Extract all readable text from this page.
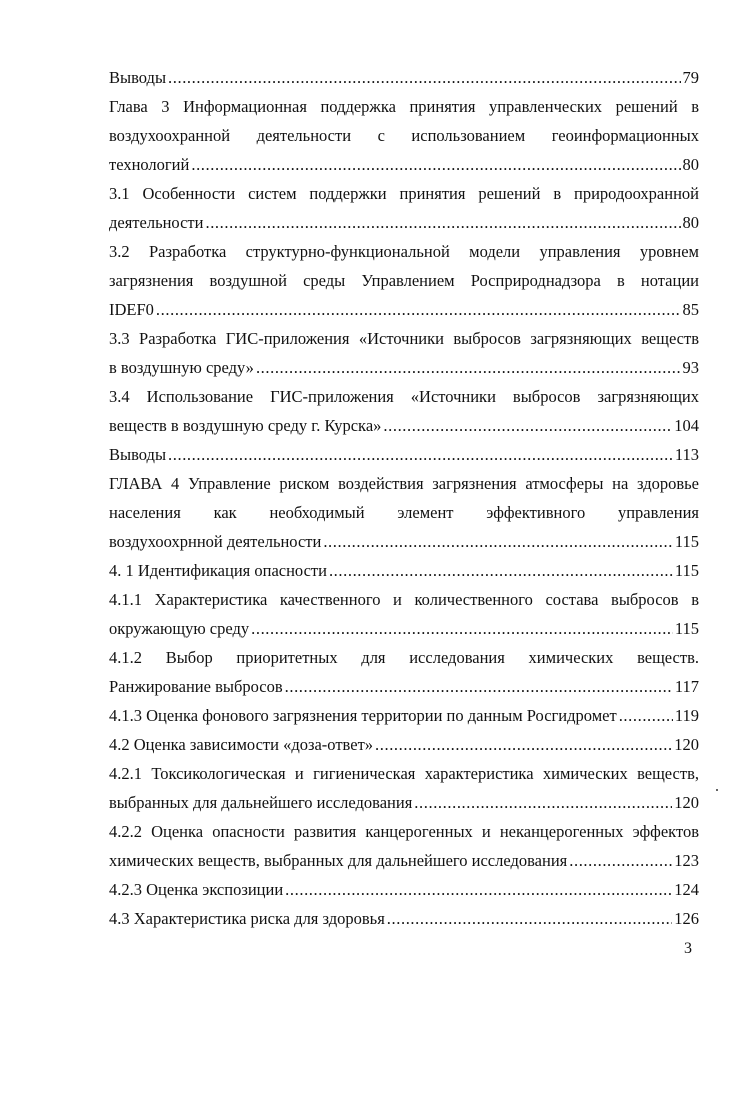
Выводы .....	79
Глава 3 Информационная поддержка принятия управленческих решений в
воздухоохранной деятельности с использованием геоинформационных
технологий .....	80
3.1 Особенности систем поддержки принятия решений в природоохранной
деятельности .....	80
3.2 Разработка структурно-функциональной модели управления уровнем
загрязнения воздушной среды Управлением Росприроднадзора в нотации
IDEF0 .....	85
3.3 Разработка ГИС-приложения «Источники выбросов загрязняющих веществ
в воздушную среду» .....	93
3.4 Использование ГИС-приложения «Источники выбросов загрязняющих
веществ в воздушную среду г. Курска» .....	104
Выводы .....	113
ГЛАВА 4 Управление риском воздействия загрязнения атмосферы на здоровье
населения как необходимый элемент эффективного управления
воздухоохрнной деятельности .....	115
4. 1 Идентификация опасности .....	115
4.1.1 Характеристика качественного и количественного состава выбросов в
окружающую среду .....	115
4.1.2 Выбор приоритетных для исследования химических веществ.
Ранжирование выбросов .....	117
4.1.3 Оценка фонового загрязнения территории по данным Росгидромет .....	119
4.2 Оценка зависимости «доза-ответ» .....	120
4.2.1 Токсикологическая и гигиеническая характеристика химических веществ,
выбранных для дальнейшего исследования .....	120
4.2.2 Оценка опасности развития канцерогенных и неканцерогенных эффектов
химических веществ, выбранных для дальнейшего исследования .....	123
4.2.3 Оценка экспозиции .....	124
4.3 Характеристика риска для здоровья .....	126
3
